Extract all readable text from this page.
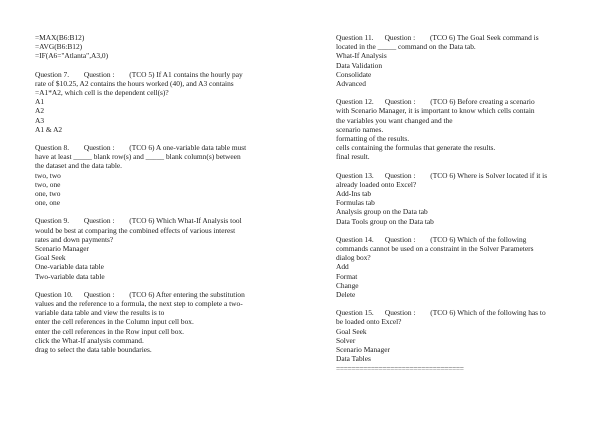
=MAX(B6:B12)
=AVG(B6:B12)
=IF(A6="Atlanta",A3,0)
Question 7.        Question :        (TCO 5) If A1 contains the hourly pay
rate of $10.25, A2 contains the hours worked (40), and A3 contains
=A1*A2, which cell is the dependent cell(s)?
A1
A2
A3
A1 & A2
Question 8.        Question :        (TCO 6) A one-variable data table must
have at least _____ blank row(s) and _____ blank column(s) between
the dataset and the data table.
two, two
two, one
one, two
one, one
Question 9.        Question :        (TCO 6) Which What-If Analysis tool
would be best at comparing the combined effects of various interest
rates and down payments?
Scenario Manager
Goal Seek
One-variable data table
Two-variable data table
Question 10.      Question :        (TCO 6) After entering the substitution
values and the reference to a formula, the next step to complete a two-
variable data table and view the results is to
enter the cell references in the Column input cell box.
enter the cell references in the Row input cell box.
click the What-If analysis command.
drag to select the data table boundaries.
Question 11.      Question :        (TCO 6) The Goal Seek command is
located in the _____ command on the Data tab.
What-If Analysis
Data Validation
Consolidate
Advanced
Question 12.      Question :        (TCO 6) Before creating a scenario
with Scenario Manager, it is important to know which cells contain
the variables you want changed and the
scenario names.
formatting of the results.
cells containing the formulas that generate the results.
final result.
Question 13.      Question :        (TCO 6) Where is Solver located if it is
already loaded onto Excel?
Add-Ins tab
Formulas tab
Analysis group on the Data tab
Data Tools group on the Data tab
Question 14.      Question :        (TCO 6) Which of the following
commands cannot be used on a constraint in the Solver Parameters
dialog box?
Add
Format
Change
Delete
Question 15.      Question :        (TCO 6) Which of the following has to
be loaded onto Excel?
Goal Seek
Solver
Scenario Manager
Data Tables
=================================
